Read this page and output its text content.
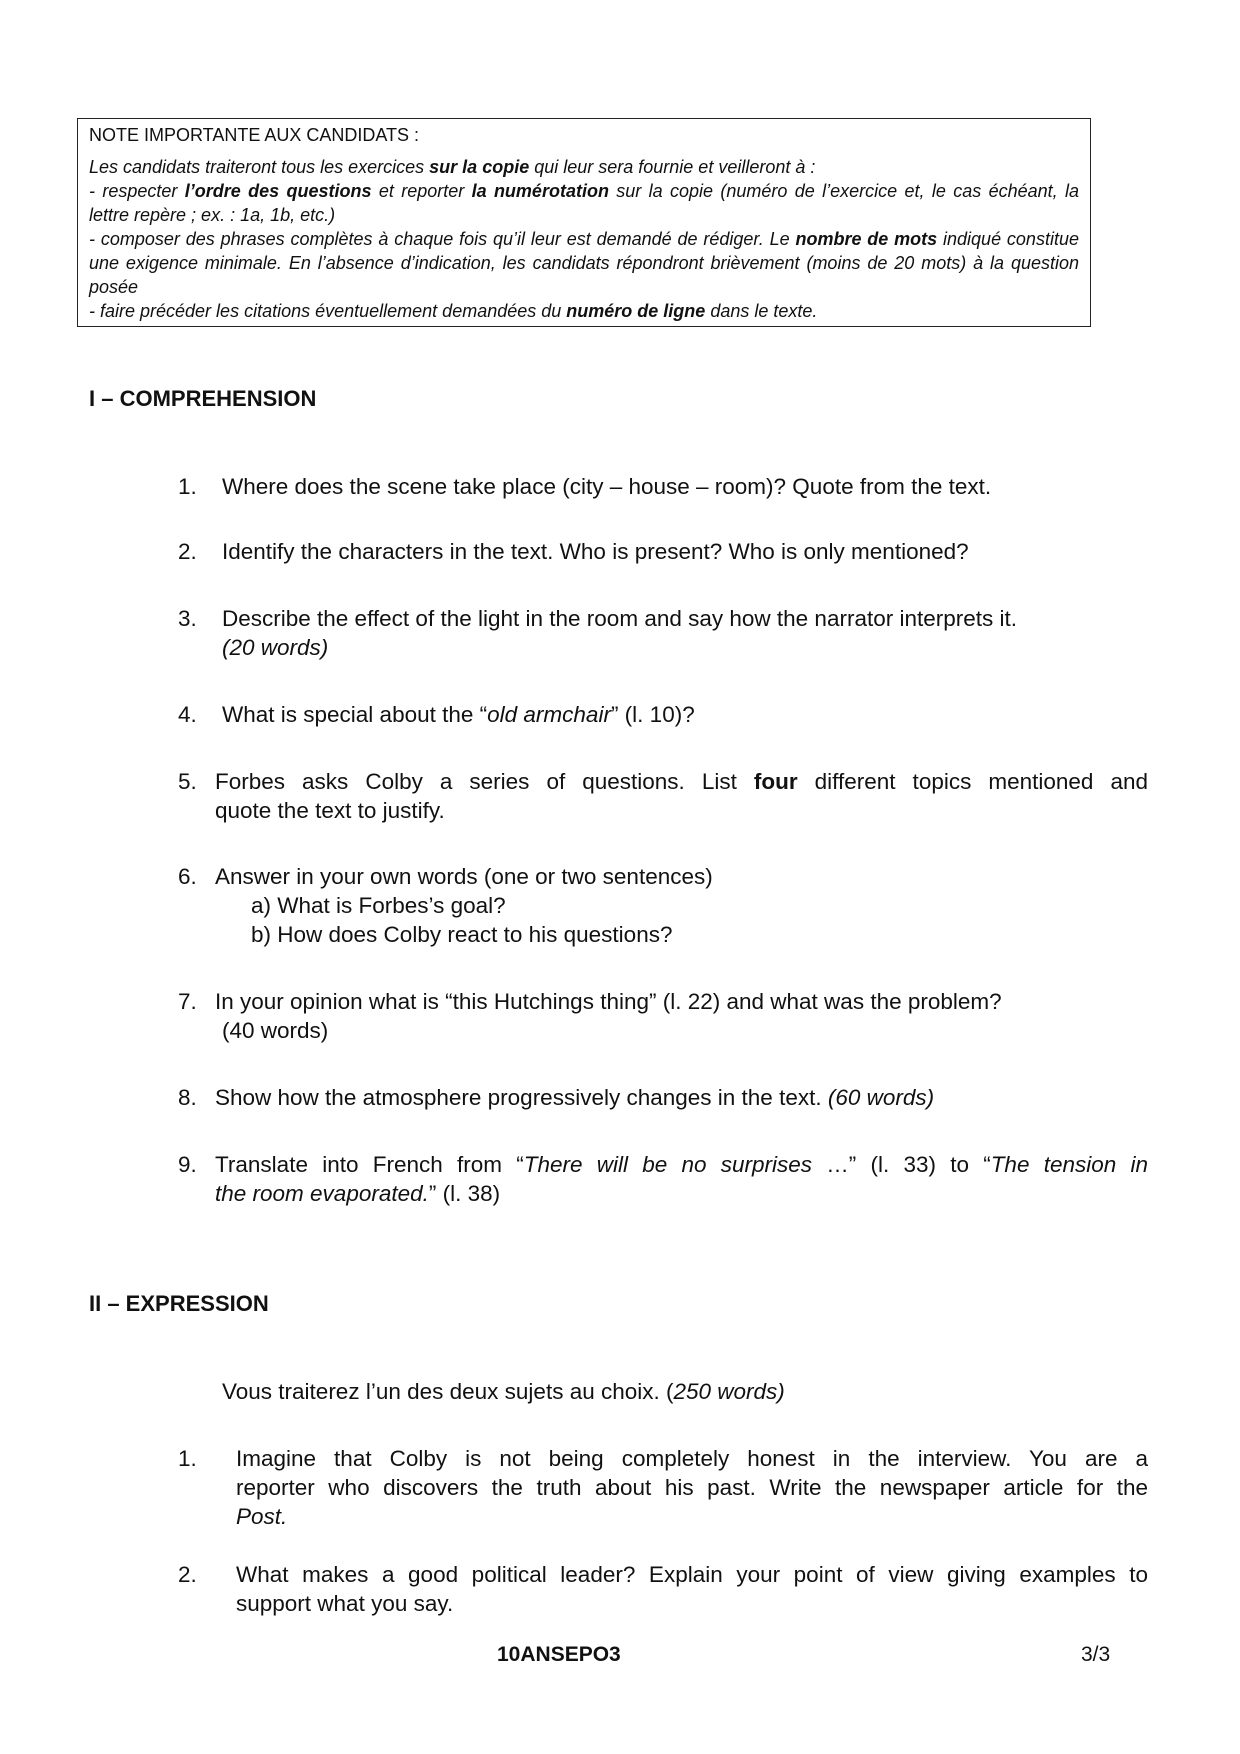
NOTE IMPORTANTE AUX CANDIDATS :
Les candidats traiteront tous les exercices sur la copie qui leur sera fournie et veilleront à :
- respecter l’ordre des questions et reporter la numérotation sur la copie (numéro de l’exercice et, le cas échéant, la lettre repère ; ex. : 1a, 1b, etc.)
- composer des phrases complètes à chaque fois qu’il leur est demandé de rédiger. Le nombre de mots indiqué constitue une exigence minimale. En l’absence d’indication, les candidats répondront brièvement (moins de 20 mots) à la question posée
- faire précéder les citations éventuellement demandées du numéro de ligne dans le texte.
I – COMPREHENSION
1. Where does the scene take place (city – house – room)? Quote from the text.
2. Identify the characters in the text. Who is present? Who is only mentioned?
3. Describe the effect of the light in the room and say how the narrator interprets it.
(20 words)
4. What is special about the “old armchair” (l. 10)?
5. Forbes asks Colby a series of questions. List four different topics mentioned and
quote the text to justify.
6. Answer in your own words (one or two sentences)
a) What is Forbes’s goal?
b) How does Colby react to his questions?
7. In your opinion what is “this Hutchings thing” (l. 22) and what was the problem?
(40 words)
8. Show how the atmosphere progressively changes in the text. (60 words)
9. Translate into French from “There will be no surprises …” (l. 33) to “The tension in
the room evaporated.” (l. 38)
II – EXPRESSION
Vous traiterez l’un des deux sujets au choix. (250 words)
1. Imagine that Colby is not being completely honest in the interview. You are a
reporter who discovers the truth about his past. Write the newspaper article for the
Post.
2. What makes a good political leader? Explain your point of view giving examples to
support what you say.
10ANSEPO3	3/3
